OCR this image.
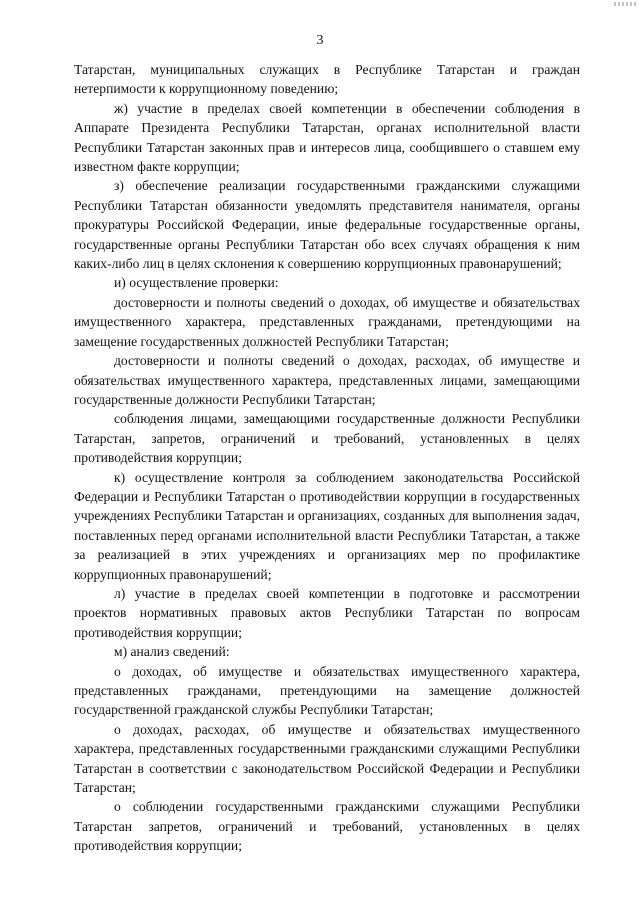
3

Татарстан, муниципальных служащих в Республике Татарстан и граждан нетерпимости к коррупционному поведению;

ж) участие в пределах своей компетенции в обеспечении соблюдения в Аппарате Президента Республики Татарстан, органах исполнительной власти Республики Татарстан законных прав и интересов лица, сообщившего о ставшем ему известном факте коррупции;

з) обеспечение реализации государственными гражданскими служащими Республики Татарстан обязанности уведомлять представителя нанимателя, органы прокуратуры Российской Федерации, иные федеральные государственные органы, государственные органы Республики Татарстан обо всех случаях обращения к ним каких-либо лиц в целях склонения к совершению коррупционных правонарушений;

и) осуществление проверки:

достоверности и полноты сведений о доходах, об имуществе и обязательствах имущественного характера, представленных гражданами, претендующими на замещение государственных должностей Республики Татарстан;

достоверности и полноты сведений о доходах, расходах, об имуществе и обязательствах имущественного характера, представленных лицами, замещающими государственные должности Республики Татарстан;

соблюдения лицами, замещающими государственные должности Республики Татарстан, запретов, ограничений и требований, установленных в целях противодействия коррупции;

к) осуществление контроля за соблюдением законодательства Российской Федерации и Республики Татарстан о противодействии коррупции в государственных учреждениях Республики Татарстан и организациях, созданных для выполнения задач, поставленных перед органами исполнительной власти Республики Татарстан, а также за реализацией в этих учреждениях и организациях мер по профилактике коррупционных правонарушений;

л) участие в пределах своей компетенции в подготовке и рассмотрении проектов нормативных правовых актов Республики Татарстан по вопросам противодействия коррупции;

м) анализ сведений:

о доходах, об имуществе и обязательствах имущественного характера, представленных гражданами, претендующими на замещение должностей государственной гражданской службы Республики Татарстан;

о доходах, расходах, об имуществе и обязательствах имущественного характера, представленных государственными гражданскими служащими Республики Татарстан в соответствии с законодательством Российской Федерации и Республики Татарстан;

о соблюдении государственными гражданскими служащими Республики Татарстан запретов, ограничений и требований, установленных в целях противодействия коррупции;
